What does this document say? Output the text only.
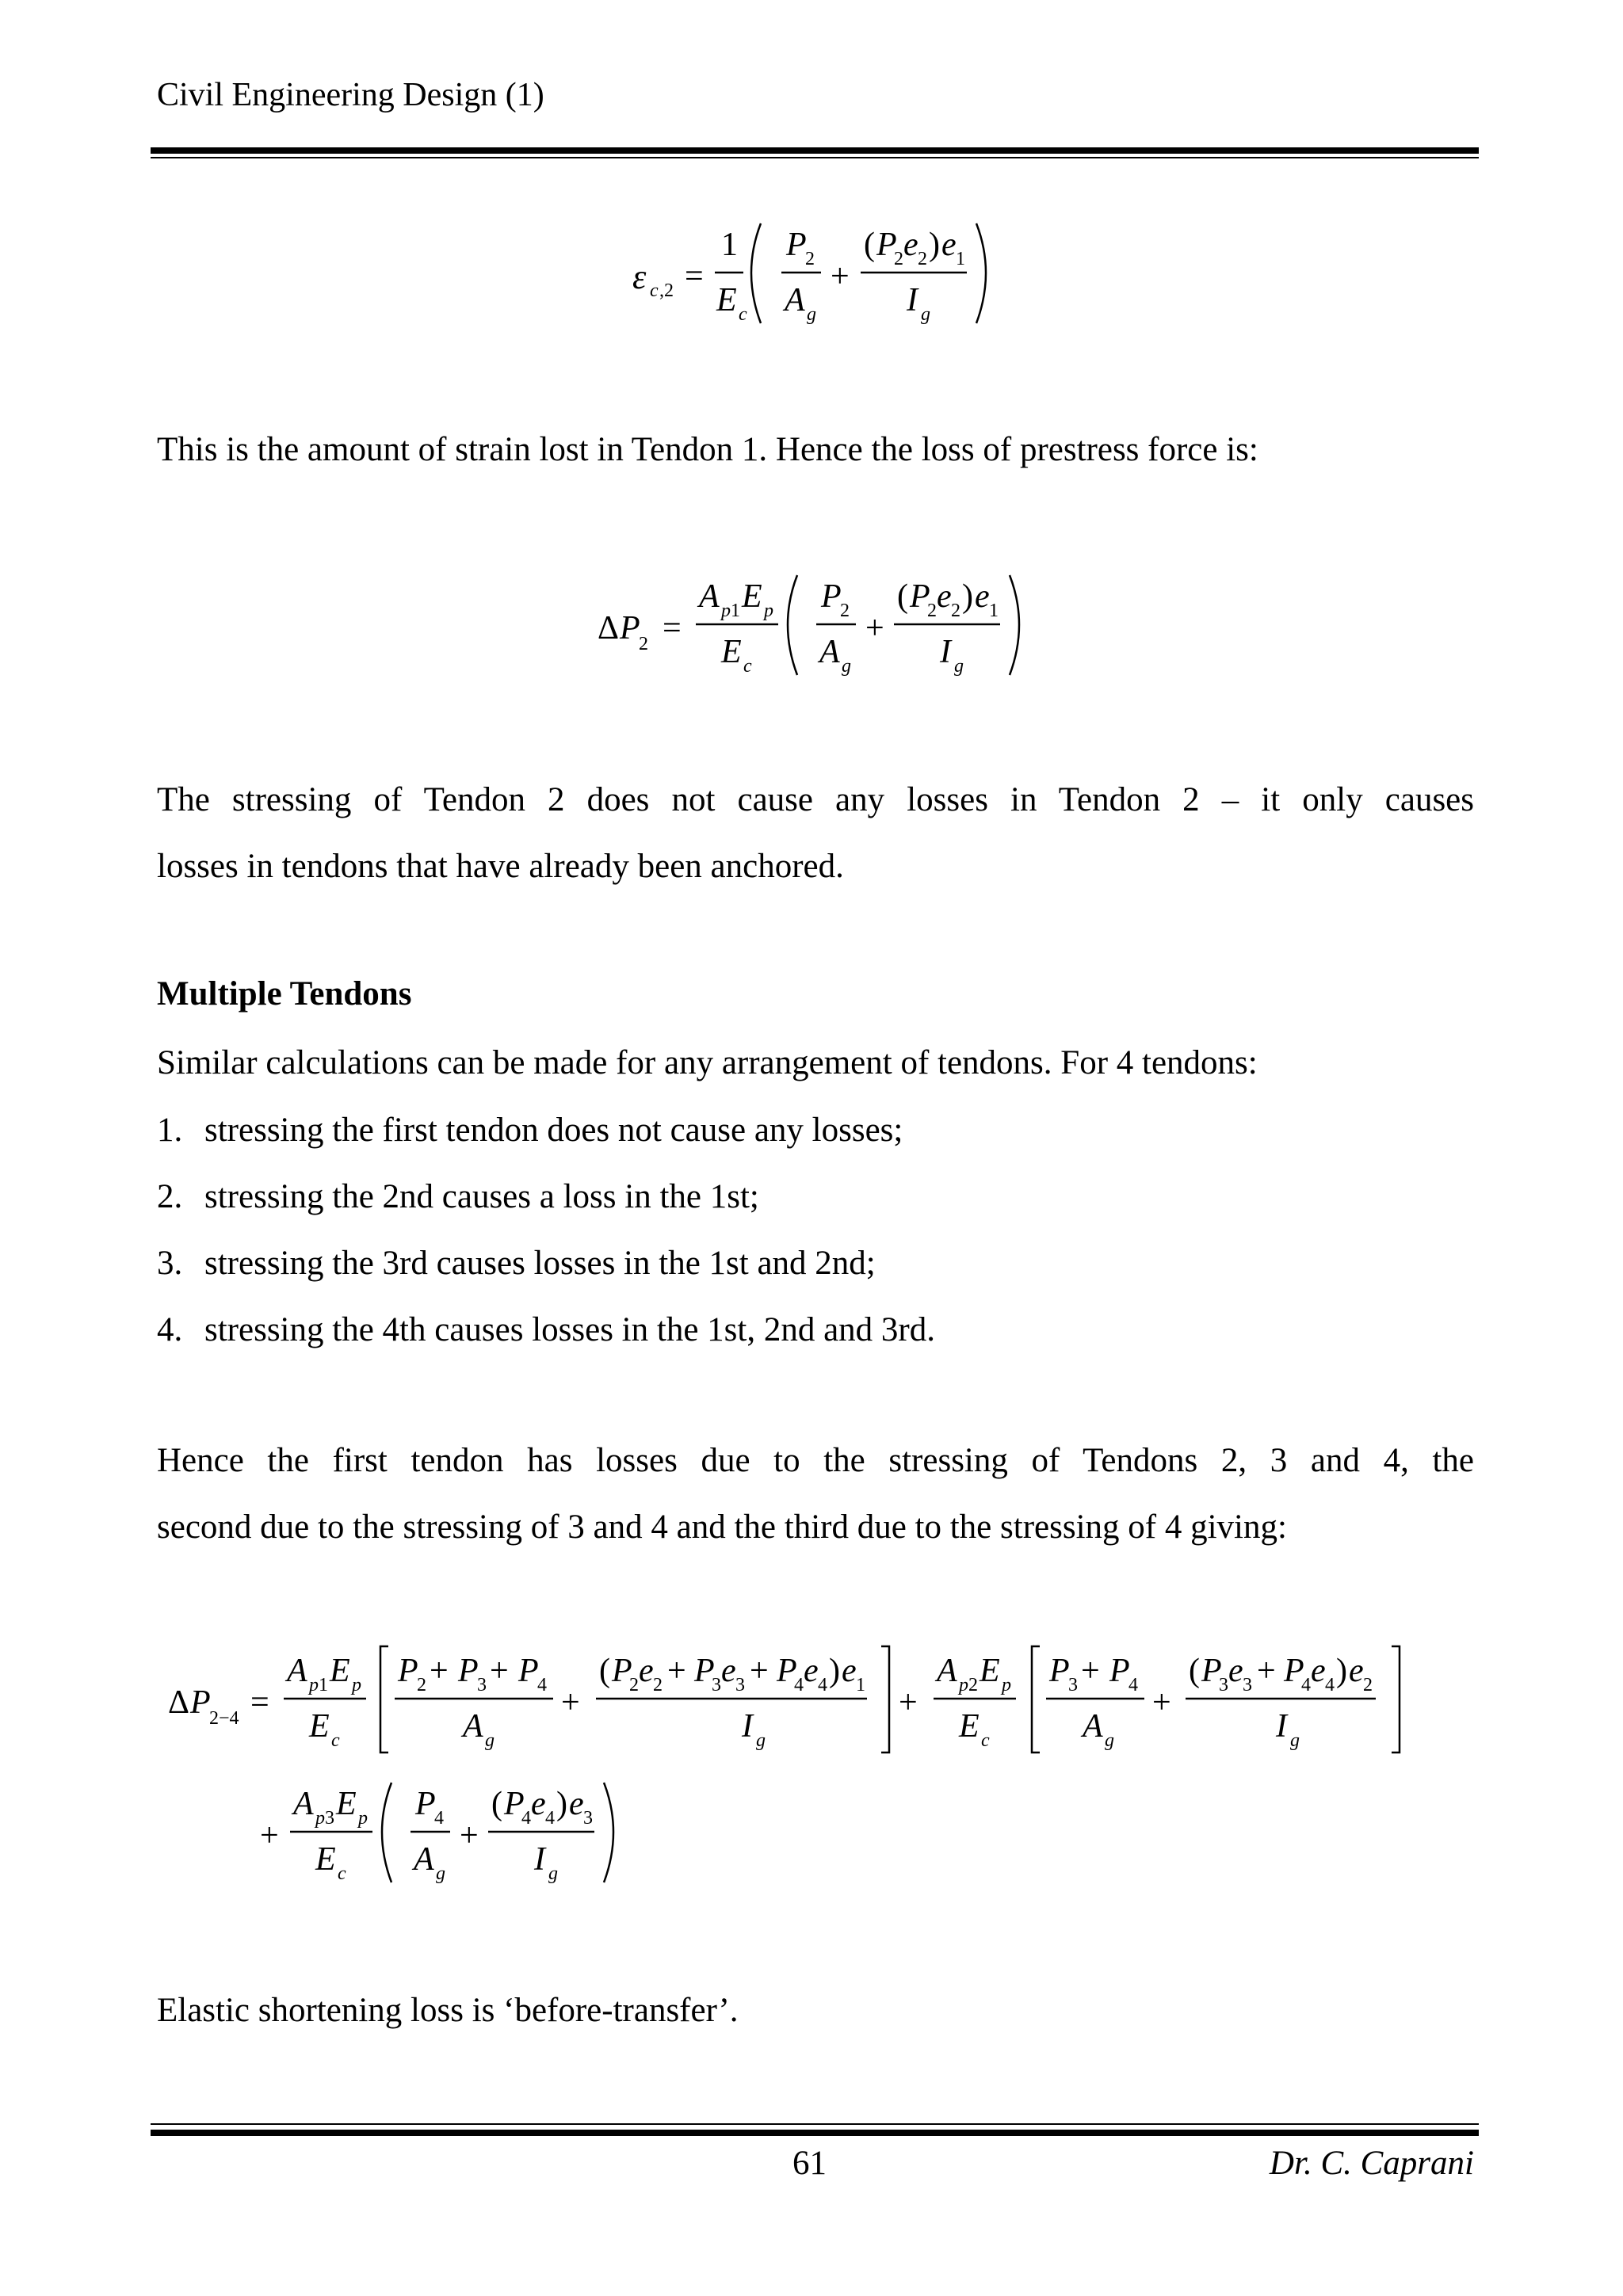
Civil Engineering Design (1)
ε c ,2 =
1
E c
P
2
A g
+
( P
2 e 2 ) e 1
I g
This is the amount of strain lost in Tendon 1. Hence the loss of prestress force is:
Δ P
2 =
A p 1 E p
E c
P
2
A g
+
( P
2 e 2 ) e 1
I g
The stressing of Tendon 2 does not cause any losses in Tendon 2 – it only causes
losses in tendons that have already been anchored.
Multiple Tendons
Similar calculations can be made for any arrangement of tendons. For 4 tendons:
1. stressing the first tendon does not cause any losses;
2. stressing the 2nd causes a loss in the 1st;
3. stressing the 3rd causes losses in the 1st and 2nd;
4. stressing the 4th causes losses in the 1st, 2nd and 3rd.
Hence the first tendon has losses due to the stressing of Tendons 2, 3 and 4, the
second due to the stressing of 3 and 4 and the third due to the stressing of 4 giving:
Δ P
2−4 =
A p 1 E p
E c
P
2 + P
3 + P
4
A g
+
( P
2 e 2 + P
3 e 3 + P
4 e 4 ) e 1
I g
+
A p 2 E p
E c
P
3 + P
4
A g
+
( P
3 e 3 + P
4 e 4 ) e 2
I g
+
A p 3 E p
E c
P
4
A g
+
( P
4 e 4 ) e 3
I g
Elastic shortening loss is ‘before-transfer’.
61	Dr. C. Caprani
